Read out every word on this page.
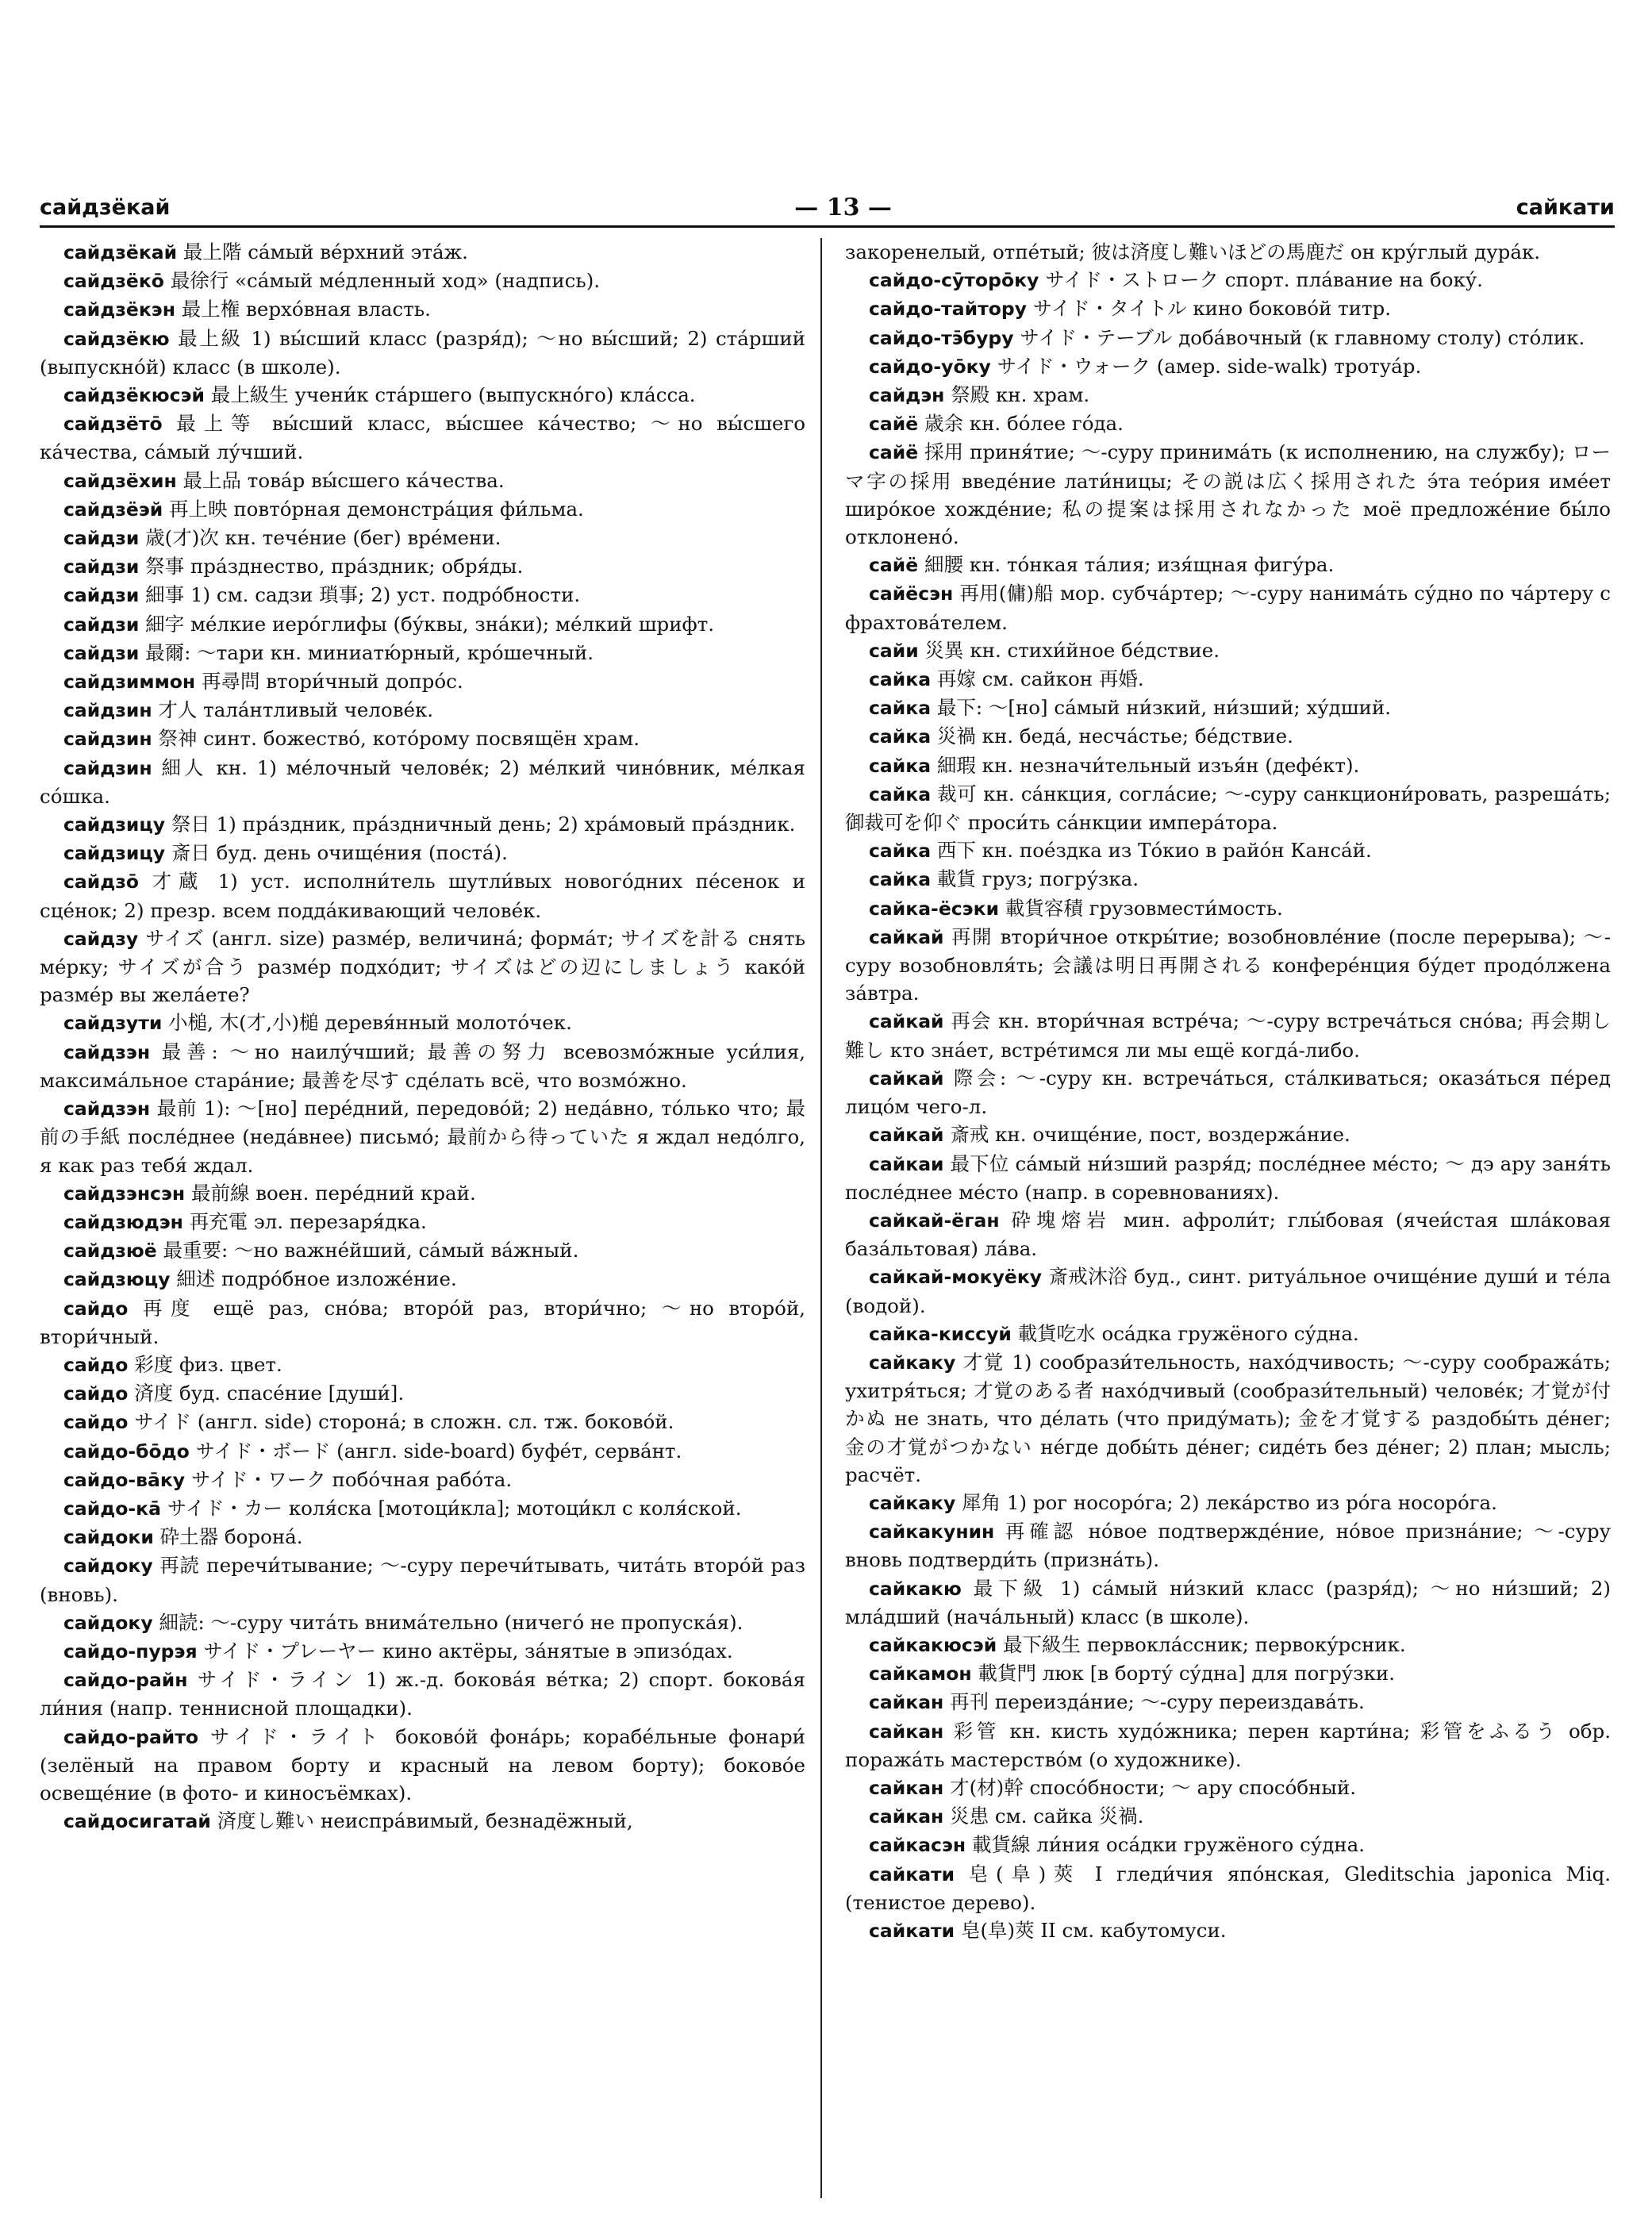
сайдзёкай	— 13 —	сайкати

сайдзёкай 最上階 са́мый ве́рхний эта́ж.

сайдзёко̄ 最徐行 «са́мый ме́дленный ход» (надпись).

сайдзёкэн 最上権 верхо́вная власть.

сайдзёкю 最上級 1) вы́сший класс (разря́д); ～но вы́сший; 2) ста́рший (выпускно́й) класс (в школе).

сайдзёкюсэй 最上級生 учени́к ста́ршего (выпускно́го) кла́сса.

сайдзёто̄ 最上等 вы́сший класс, вы́сшее ка́чество; ～но вы́сшего ка́чества, са́мый лу́чший.

сайдзёхин 最上品 това́р вы́сшего ка́чества.

сайдзёэй 再上映 повто́рная демонстра́ция фи́льма.

сайдзи 歳(才)次 кн. тече́ние (бег) вре́мени.

сайдзи 祭事 пра́зднество, пра́здник; обря́ды.

сайдзи 細事 1) см. садзи 瑣事; 2) уст. подро́бности.

сайдзи 細字 ме́лкие иеро́глифы (бу́квы, зна́ки); ме́лкий шрифт.

сайдзи 最爾: ～тари кн. миниатю́рный, кро́шечный.

сайдзиммон 再尋問 втори́чный допро́с.

сайдзин 才人 тала́нтливый челове́к.

сайдзин 祭神 синт. божество́, кото́рому посвящён храм.

сайдзин 細人 кн. 1) ме́лочный челове́к; 2) ме́лкий чино́вник, ме́лкая со́шка.

сайдзицу 祭日 1) пра́здник, пра́здничный день; 2) хра́мовый пра́здник.

сайдзицу 斎日 буд. день очище́ния (поста́).

сайдзо̄ 才蔵 1) уст. исполни́тель шутли́вых нового́дних пе́сенок и сце́нок; 2) презр. всем подда́кивающий челове́к.

сайдзу サイズ (англ. size) разме́р, величина́; форма́т; サイズを計る снять ме́рку; サイズが合う разме́р подхо́дит; サイズはどの辺にしましょう како́й разме́р вы жела́ете?

сайдзути 小槌, 木(才,小)槌 деревя́нный молото́чек.

сайдзэн 最善: ～но наилу́чший; 最善の努力 всевозмо́жные уси́лия, максима́льное стара́ние; 最善を尽す сде́лать всё, что возмо́жно.

сайдзэн 最前 1): ～[но] пере́дний, передово́й; 2) неда́вно, то́лько что; 最前の手紙 после́днее (неда́внее) письмо́; 最前から待っていた я ждал недо́лго, я как раз тебя́ ждал.

сайдзэнсэн 最前線 воен. пере́дний край.

сайдзюдэн 再充電 эл. перезаря́дка.

сайдзюё 最重要: ～но важне́йший, са́мый ва́жный.

сайдзюцу 細述 подро́бное изложе́ние.

сайдо 再度 ещё раз, сно́ва; второ́й раз, втори́чно; ～но второ́й, втори́чный.

сайдо 彩度 физ. цвет.

сайдо 済度 буд. спасе́ние [души́].

сайдо サイド (англ. side) сторона́; в сложн. сл. тж. боково́й.

сайдо-бо̄до サイド・ボード (англ. side-board) буфе́т, серва́нт.

сайдо-ва̄ку サイド・ワーク побо́чная рабо́та.

сайдо-ка̄ サイド・カー коля́ска [мотоци́кла]; мотоци́кл с коля́ской.

сайдоки 砕土器 борона́.

сайдоку 再読 перечи́тывание; ～-суру перечи́тывать, чита́ть второ́й раз (вновь).

сайдоку 細読: ～-суру чита́ть внима́тельно (ничего́ не пропуска́я).

сайдо-пурэя サイド・プレーヤー кино актёры, за́нятые в эпизо́дах.

сайдо-райн サイド・ライン 1) ж.-д. бокова́я ве́тка; 2) спорт. бокова́я ли́ния (напр. теннисной площадки).

сайдо-райто サイド・ライト боково́й фона́рь; корабе́льные фонари́ (зелёный на правом борту и красный на левом борту); боково́е освеще́ние (в фото- и киносъёмках).

сайдосигатай 済度し難い неиспра́вимый, безнадёжный,

закоренелый, отпе́тый; 彼は済度し難いほどの馬鹿だ он кру́глый дура́к.

сайдо-сӯторо̄ку サイド・ストローク спорт. пла́вание на боку́.

сайдо-тайтору サイド・タイトル кино боково́й титр.

сайдо-тэ̄буру サイド・テーブル доба́вочный (к главному столу) сто́лик.

сайдо-уо̄ку サイド・ウォーク (амер. side-walk) тротуа́р.

сайдэн 祭殿 кн. храм.

сайё 歳余 кн. бо́лее го́да.

сайё 採用 приня́тие; ～-суру принима́ть (к исполнению, на службу); ローマ字の採用 введе́ние лати́ницы; その説は広く採用された э́та тео́рия име́ет широ́кое хожде́ние; 私の提案は採用されなかった моё предложе́ние бы́ло отклонено́.

сайё 細腰 кн. то́нкая та́лия; изя́щная фигу́ра.

сайёсэн 再用(傭)船 мор. субча́ртер; ～-суру нанима́ть су́дно по ча́ртеру с фрахтова́телем.

сайи 災異 кн. стихи́йное бе́дствие.

сайка 再嫁 см. сайкон 再婚.

сайка 最下: ～[но] са́мый ни́зкий, ни́зший; ху́дший.

сайка 災禍 кн. беда́, несча́стье; бе́дствие.

сайка 細瑕 кн. незначи́тельный изъя́н (дефе́кт).

сайка 裁可 кн. са́нкция, согла́сие; ～-суру санкциони́ровать, разреша́ть; 御裁可を仰ぐ проси́ть са́нкции импера́тора.

сайка 西下 кн. пое́здка из То́кио в райо́н Канса́й.

сайка 載貨 груз; погру́зка.

сайка-ёсэки 載貨容積 грузовмести́мость.

сайкай 再開 втори́чное откры́тие; возобновле́ние (после перерыва); ～-суру возобновля́ть; 会議は明日再開される конфере́нция бу́дет продо́лжена за́втра.

сайкай 再会 кн. втори́чная встре́ча; ～-суру встреча́ться сно́ва; 再会期し難し кто зна́ет, встре́тимся ли мы ещё когда́-либо.

сайкай 際会: ～-суру кн. встреча́ться, ста́лкиваться; оказа́ться пе́ред лицо́м чего-л.

сайкай 斎戒 кн. очище́ние, пост, воздержа́ние.

сайкаи 最下位 са́мый ни́зший разря́д; после́днее ме́сто; ～ дэ ару заня́ть после́днее ме́сто (напр. в соревнованиях).

сайкай-ёган 砕塊熔岩 мин. афроли́т; глы́бовая (ячеи́стая шла́ковая база́льтовая) ла́ва.

сайкай-мокуёку 斎戒沐浴 буд., синт. ритуа́льное очище́ние души́ и те́ла (водой).

сайка-киссуй 載貨吃水 оса́дка гружёного су́дна.

сайкаку 才覚 1) сообрази́тельность, нахо́дчивость; ～-суру сообража́ть; ухитря́ться; 才覚のある者 нахо́дчивый (сообрази́тельный) челове́к; 才覚が付かぬ не знать, что де́лать (что приду́мать); 金を才覚する раздобы́ть де́нег; 金の才覚がつかない не́где добы́ть де́нег; сиде́ть без де́нег; 2) план; мысль; расчёт.

сайкаку 犀角 1) рог носоро́га; 2) лека́рство из ро́га носоро́га.

сайкакунин 再確認 но́вое подтвержде́ние, но́вое призна́ние; ～-суру вновь подтверди́ть (призна́ть).

сайкакю 最下級 1) са́мый ни́зкий класс (разря́д); ～но ни́зший; 2) мла́дший (нача́льный) класс (в школе).

сайкакюсэй 最下級生 первокла́ссник; первоку́рсник.

сайкамон 載貨門 люк [в борту́ су́дна] для погру́зки.

сайкан 再刊 переизда́ние; ～-суру переиздава́ть.

сайкан 彩管 кн. кисть худо́жника; перен карти́на; 彩管をふるう обр. поража́ть мастерство́м (о художнике).

сайкан 才(材)幹 спосо́бности; ～ ару спосо́бный.

сайкан 災患 см. сайка 災禍.

сайкасэн 載貨線 ли́ния оса́дки гружёного су́дна.

сайкати 皂(阜)莢 I гледи́чия япо́нская, Gleditschia japonica Miq. (тенистое дерево).

сайкати 皂(阜)莢 II см. кабутомуси.
